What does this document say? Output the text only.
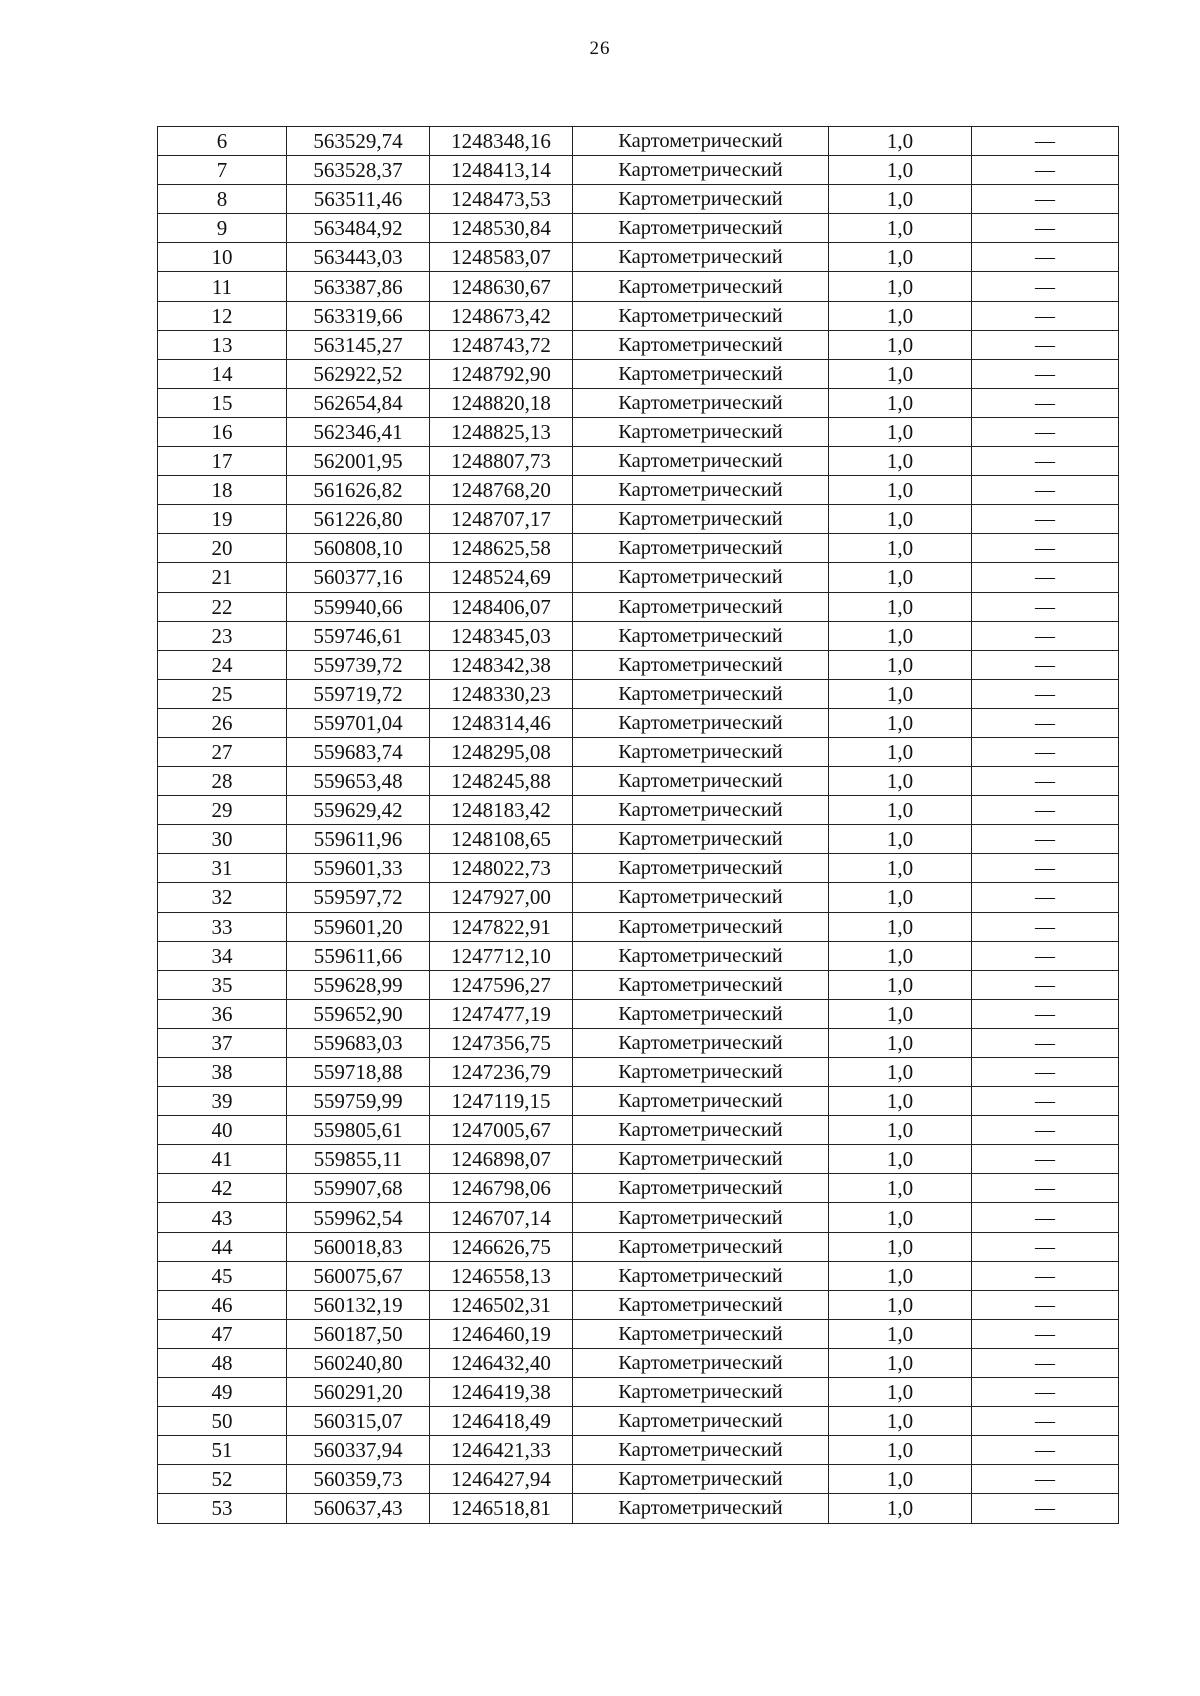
26
6	563529,74	1248348,16	Картометрический	1,0	—
7	563528,37	1248413,14	Картометрический	1,0	—
8	563511,46	1248473,53	Картометрический	1,0	—
9	563484,92	1248530,84	Картометрический	1,0	—
10	563443,03	1248583,07	Картометрический	1,0	—
11	563387,86	1248630,67	Картометрический	1,0	—
12	563319,66	1248673,42	Картометрический	1,0	—
13	563145,27	1248743,72	Картометрический	1,0	—
14	562922,52	1248792,90	Картометрический	1,0	—
15	562654,84	1248820,18	Картометрический	1,0	—
16	562346,41	1248825,13	Картометрический	1,0	—
17	562001,95	1248807,73	Картометрический	1,0	—
18	561626,82	1248768,20	Картометрический	1,0	—
19	561226,80	1248707,17	Картометрический	1,0	—
20	560808,10	1248625,58	Картометрический	1,0	—
21	560377,16	1248524,69	Картометрический	1,0	—
22	559940,66	1248406,07	Картометрический	1,0	—
23	559746,61	1248345,03	Картометрический	1,0	—
24	559739,72	1248342,38	Картометрический	1,0	—
25	559719,72	1248330,23	Картометрический	1,0	—
26	559701,04	1248314,46	Картометрический	1,0	—
27	559683,74	1248295,08	Картометрический	1,0	—
28	559653,48	1248245,88	Картометрический	1,0	—
29	559629,42	1248183,42	Картометрический	1,0	—
30	559611,96	1248108,65	Картометрический	1,0	—
31	559601,33	1248022,73	Картометрический	1,0	—
32	559597,72	1247927,00	Картометрический	1,0	—
33	559601,20	1247822,91	Картометрический	1,0	—
34	559611,66	1247712,10	Картометрический	1,0	—
35	559628,99	1247596,27	Картометрический	1,0	—
36	559652,90	1247477,19	Картометрический	1,0	—
37	559683,03	1247356,75	Картометрический	1,0	—
38	559718,88	1247236,79	Картометрический	1,0	—
39	559759,99	1247119,15	Картометрический	1,0	—
40	559805,61	1247005,67	Картометрический	1,0	—
41	559855,11	1246898,07	Картометрический	1,0	—
42	559907,68	1246798,06	Картометрический	1,0	—
43	559962,54	1246707,14	Картометрический	1,0	—
44	560018,83	1246626,75	Картометрический	1,0	—
45	560075,67	1246558,13	Картометрический	1,0	—
46	560132,19	1246502,31	Картометрический	1,0	—
47	560187,50	1246460,19	Картометрический	1,0	—
48	560240,80	1246432,40	Картометрический	1,0	—
49	560291,20	1246419,38	Картометрический	1,0	—
50	560315,07	1246418,49	Картометрический	1,0	—
51	560337,94	1246421,33	Картометрический	1,0	—
52	560359,73	1246427,94	Картометрический	1,0	—
53	560637,43	1246518,81	Картометрический	1,0	—
